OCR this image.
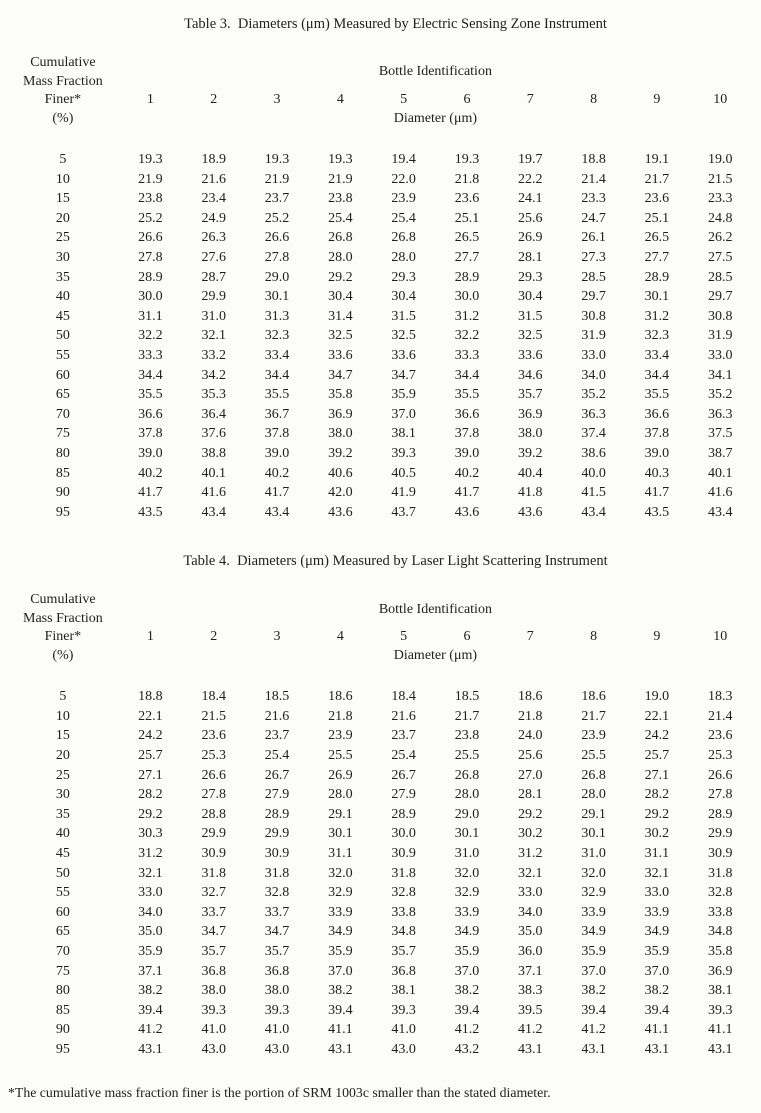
Table 3.  Diameters (μm) Measured by Electric Sensing Zone Instrument
Cumulative	Bottle Identification									
Mass Fraction										
Finer*	1	2	3	4	5	6	7	8	9	10
(%)	Diameter (μm)									
5	19.3	18.9	19.3	19.3	19.4	19.3	19.7	18.8	19.1	19.0
10	21.9	21.6	21.9	21.9	22.0	21.8	22.2	21.4	21.7	21.5
15	23.8	23.4	23.7	23.8	23.9	23.6	24.1	23.3	23.6	23.3
20	25.2	24.9	25.2	25.4	25.4	25.1	25.6	24.7	25.1	24.8
25	26.6	26.3	26.6	26.8	26.8	26.5	26.9	26.1	26.5	26.2
30	27.8	27.6	27.8	28.0	28.0	27.7	28.1	27.3	27.7	27.5
35	28.9	28.7	29.0	29.2	29.3	28.9	29.3	28.5	28.9	28.5
40	30.0	29.9	30.1	30.4	30.4	30.0	30.4	29.7	30.1	29.7
45	31.1	31.0	31.3	31.4	31.5	31.2	31.5	30.8	31.2	30.8
50	32.2	32.1	32.3	32.5	32.5	32.2	32.5	31.9	32.3	31.9
55	33.3	33.2	33.4	33.6	33.6	33.3	33.6	33.0	33.4	33.0
60	34.4	34.2	34.4	34.7	34.7	34.4	34.6	34.0	34.4	34.1
65	35.5	35.3	35.5	35.8	35.9	35.5	35.7	35.2	35.5	35.2
70	36.6	36.4	36.7	36.9	37.0	36.6	36.9	36.3	36.6	36.3
75	37.8	37.6	37.8	38.0	38.1	37.8	38.0	37.4	37.8	37.5
80	39.0	38.8	39.0	39.2	39.3	39.0	39.2	38.6	39.0	38.7
85	40.2	40.1	40.2	40.6	40.5	40.2	40.4	40.0	40.3	40.1
90	41.7	41.6	41.7	42.0	41.9	41.7	41.8	41.5	41.7	41.6
95	43.5	43.4	43.4	43.6	43.7	43.6	43.6	43.4	43.5	43.4
Table 4.  Diameters (μm) Measured by Laser Light Scattering Instrument
Cumulative	Bottle Identification									
Mass Fraction										
Finer*	1	2	3	4	5	6	7	8	9	10
(%)	Diameter (μm)									
5	18.8	18.4	18.5	18.6	18.4	18.5	18.6	18.6	19.0	18.3
10	22.1	21.5	21.6	21.8	21.6	21.7	21.8	21.7	22.1	21.4
15	24.2	23.6	23.7	23.9	23.7	23.8	24.0	23.9	24.2	23.6
20	25.7	25.3	25.4	25.5	25.4	25.5	25.6	25.5	25.7	25.3
25	27.1	26.6	26.7	26.9	26.7	26.8	27.0	26.8	27.1	26.6
30	28.2	27.8	27.9	28.0	27.9	28.0	28.1	28.0	28.2	27.8
35	29.2	28.8	28.9	29.1	28.9	29.0	29.2	29.1	29.2	28.9
40	30.3	29.9	29.9	30.1	30.0	30.1	30.2	30.1	30.2	29.9
45	31.2	30.9	30.9	31.1	30.9	31.0	31.2	31.0	31.1	30.9
50	32.1	31.8	31.8	32.0	31.8	32.0	32.1	32.0	32.1	31.8
55	33.0	32.7	32.8	32.9	32.8	32.9	33.0	32.9	33.0	32.8
60	34.0	33.7	33.7	33.9	33.8	33.9	34.0	33.9	33.9	33.8
65	35.0	34.7	34.7	34.9	34.8	34.9	35.0	34.9	34.9	34.8
70	35.9	35.7	35.7	35.9	35.7	35.9	36.0	35.9	35.9	35.8
75	37.1	36.8	36.8	37.0	36.8	37.0	37.1	37.0	37.0	36.9
80	38.2	38.0	38.0	38.2	38.1	38.2	38.3	38.2	38.2	38.1
85	39.4	39.3	39.3	39.4	39.3	39.4	39.5	39.4	39.4	39.3
90	41.2	41.0	41.0	41.1	41.0	41.2	41.2	41.2	41.1	41.1
95	43.1	43.0	43.0	43.1	43.0	43.2	43.1	43.1	43.1	43.1
*The cumulative mass fraction finer is the portion of SRM 1003c smaller than the stated diameter.
